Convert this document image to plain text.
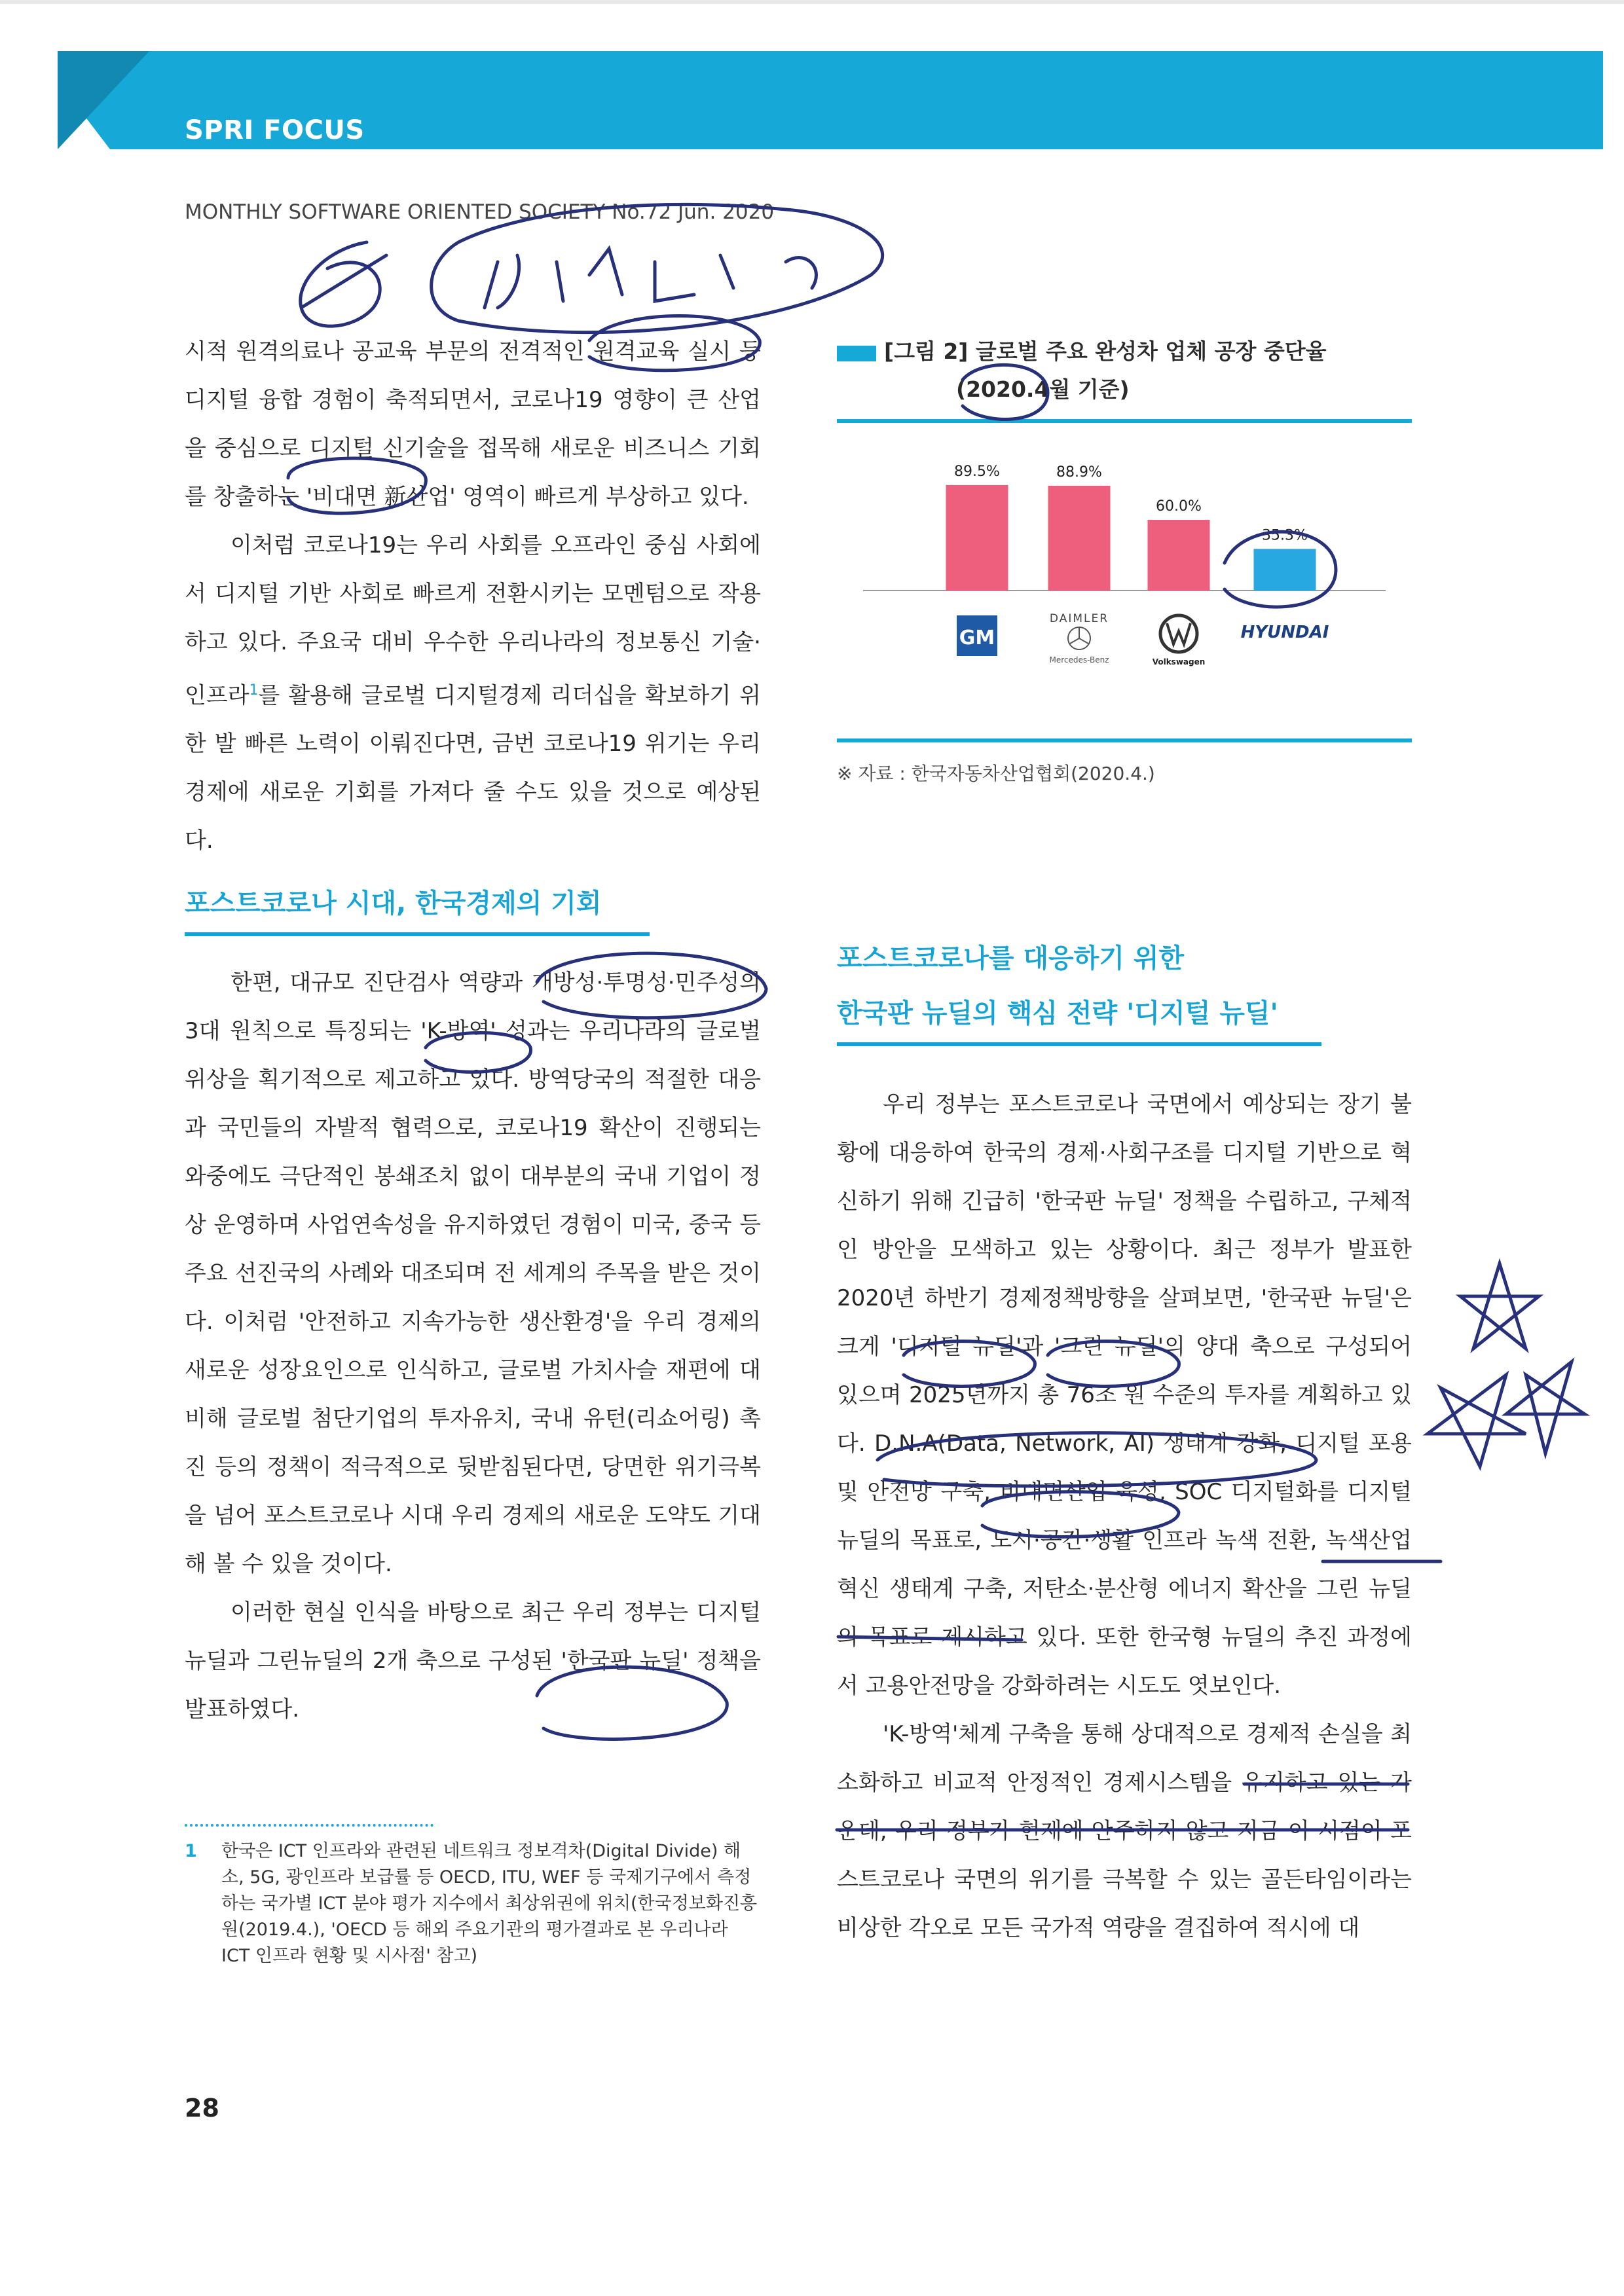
SPRI FOCUS
MONTHLY SOFTWARE ORIENTED SOCIETY No.72 Jun. 2020

시적 원격의료나 공교육 부문의 전격적인 원격교육 실시 등 디지털 융합 경험이 축적되면서, 코로나19 영향이 큰 산업을 중심으로 디지털 신기술을 접목해 새로운 비즈니스 기회를 창출하는 '비대면 新산업' 영역이 빠르게 부상하고 있다.

이처럼 코로나19는 우리 사회를 오프라인 중심 사회에서 디지털 기반 사회로 빠르게 전환시키는 모멘텀으로 작용하고 있다. 주요국 대비 우수한 우리나라의 정보통신 기술·인프라$^1$를 활용해 글로벌 디지털경제 리더십을 확보하기 위한 발 빠른 노력이 이뤄진다면, 금번 코로나19 위기는 우리 경제에 새로운 기회를 가져다 줄 수도 있을 것으로 예상된다.

포스트코로나 시대, 한국경제의 기회

한편, 대규모 진단검사 역량과 개방성·투명성·민주성의 3대 원칙으로 특징되는 'K-방역' 성과는 우리나라의 글로벌 위상을 획기적으로 제고하고 있다. 방역당국의 적절한 대응과 국민들의 자발적 협력으로, 코로나19 확산이 진행되는 와중에도 극단적인 봉쇄조치 없이 대부분의 국내 기업이 정상 운영하며 사업연속성을 유지하였던 경험이 미국, 중국 등 주요 선진국의 사례와 대조되며 전 세계의 주목을 받은 것이다. 이처럼 '안전하고 지속가능한 생산환경'을 우리 경제의 새로운 성장요인으로 인식하고, 글로벌 가치사슬 재편에 대비해 글로벌 첨단기업의 투자유치, 국내 유턴(리쇼어링) 촉진 등의 정책이 적극적으로 뒷받침된다면, 당면한 위기극복을 넘어 포스트코로나 시대 우리 경제의 새로운 도약도 기대해 볼 수 있을 것이다.

이러한 현실 인식을 바탕으로 최근 우리 정부는 디지털 뉴딜과 그린뉴딜의 2개 축으로 구성된 '한국판 뉴딜' 정책을 발표하였다.

1 한국은 ICT 인프라와 관련된 네트워크 정보격차(Digital Divide) 해소, 5G, 광인프라 보급률 등 OECD, ITU, WEF 등 국제기구에서 측정하는 국가별 ICT 분야 평가 지수에서 최상위권에 위치(한국정보화진흥원(2019.4.), 'OECD 등 해외 주요기관의 평가결과로 본 우리나라 ICT 인프라 현황 및 시사점' 참고)
28
[그림 2] 글로벌 주요 완성차 업체 공장 중단율
(2020.4월 기준)
89.5%	88.9%
60.0%
35.3%
GM
DAIMLER
Mercedes-Benz	Volkswagen
HYUNDAI
※ 자료 : 한국자동차산업협회(2020.4.)
포스트코로나를 대응하기 위한
한국판 뉴딜의 핵심 전략 '디지털 뉴딜'

우리 정부는 포스트코로나 국면에서 예상되는 장기 불황에 대응하여 한국의 경제·사회구조를 디지털 기반으로 혁신하기 위해 긴급히 '한국판 뉴딜' 정책을 수립하고, 구체적인 방안을 모색하고 있는 상황이다. 최근 정부가 발표한 2020년 하반기 경제정책방향을 살펴보면, '한국판 뉴딜'은 크게 '디지털 뉴딜'과 '그린 뉴딜'의 양대 축으로 구성되어 있으며 2025년까지 총 76조 원 수준의 투자를 계획하고 있다. D.N.A(Data, Network, AI) 생태계 강화, 디지털 포용 및 안전망 구축, 비대면산업 육성, SOC 디지털화를 디지털 뉴딜의 목표로, 도시·공간·생활 인프라 녹색 전환, 녹색산업 혁신 생태계 구축, 저탄소·분산형 에너지 확산을 그린 뉴딜의 목표로 제시하고 있다. 또한 한국형 뉴딜의 추진 과정에서 고용안전망을 강화하려는 시도도 엿보인다.

'K-방역'체계 구축을 통해 상대적으로 경제적 손실을 최소화하고 비교적 안정적인 경제시스템을 유지하고 있는 가운데, 우리 정부가 현재에 안주하지 않고 지금 이 시점이 포스트코로나 국면의 위기를 극복할 수 있는 골든타임이라는 비상한 각오로 모든 국가적 역량을 결집하여 적시에 대
